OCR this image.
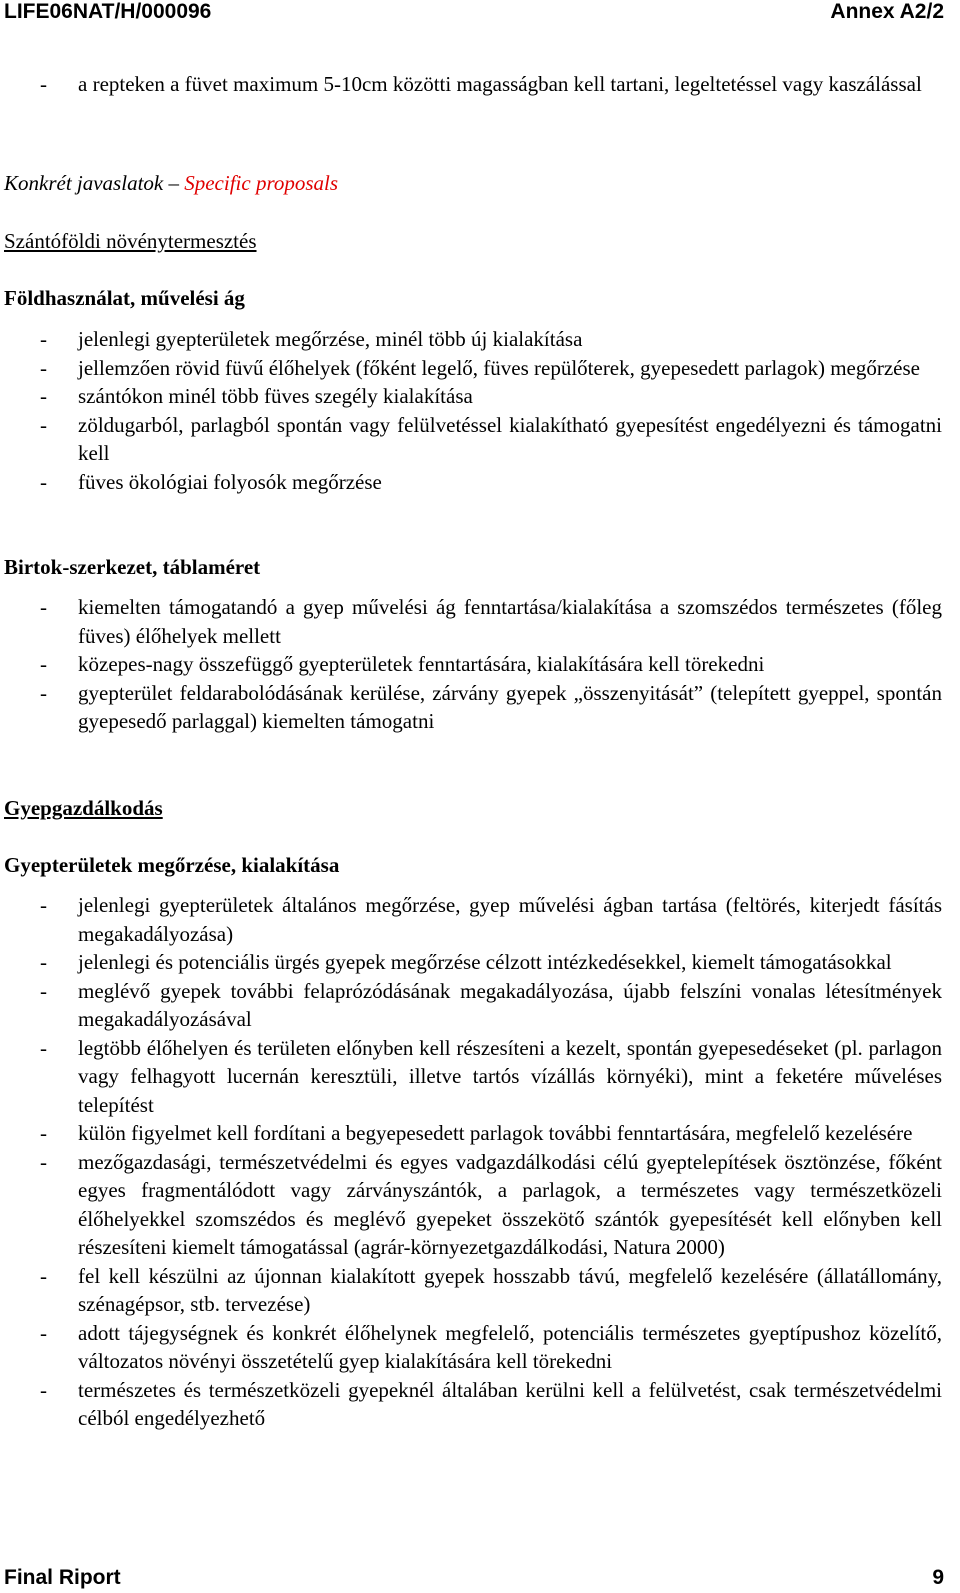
LIFE06NAT/H/000096	Annex A2/2
- a repteken a füvet maximum 5-10cm közötti magasságban kell tartani, legeltetéssel vagy kaszálással
Konkrét javaslatok – Specific proposals
Szántóföldi növénytermesztés
Földhasználat, művelési ág
- jelenlegi gyepterületek megőrzése, minél több új kialakítása
- jellemzően rövid füvű élőhelyek (főként legelő, füves repülőterek, gyepesedett parlagok) megőrzése
- szántókon minél több füves szegély kialakítása
- zöldugarból, parlagból spontán vagy felülvetéssel kialakítható gyepesítést engedélyezni és támogatni kell
- füves ökológiai folyosók megőrzése
Birtok-szerkezet, táblaméret
- kiemelten támogatandó a gyep művelési ág fenntartása/kialakítása a szomszédos természetes (főleg füves) élőhelyek mellett
- közepes-nagy összefüggő gyepterületek fenntartására, kialakítására kell törekedni
- gyepterület feldarabolódásának kerülése, zárvány gyepek „összenyitását” (telepített gyeppel, spontán gyepesedő parlaggal) kiemelten támogatni
Gyepgazdálkodás
Gyepterületek megőrzése, kialakítása
- jelenlegi gyepterületek általános megőrzése, gyep művelési ágban tartása (feltörés, kiterjedt fásítás megakadályozása)
- jelenlegi és potenciális ürgés gyepek megőrzése célzott intézkedésekkel, kiemelt támogatásokkal
- meglévő gyepek további felaprózódásának megakadályozása, újabb felszíni vonalas létesítmények megakadályozásával
- legtöbb élőhelyen és területen előnyben kell részesíteni a kezelt, spontán gyepesedéseket (pl. parlagon vagy felhagyott lucernán keresztüli, illetve tartós vízállás környéki), mint a feketére műveléses telepítést
- külön figyelmet kell fordítani a begyepesedett parlagok további fenntartására, megfelelő kezelésére
- mezőgazdasági, természetvédelmi és egyes vadgazdálkodási célú gyeptelepítések ösztönzése, főként egyes fragmentálódott vagy zárványszántók, a parlagok, a természetes vagy természetközeli élőhelyekkel szomszédos és meglévő gyepeket összekötő szántók gyepesítését kell előnyben kell részesíteni kiemelt támogatással (agrár-környezetgazdálkodási, Natura 2000)
- fel kell készülni az újonnan kialakított gyepek hosszabb távú, megfelelő kezelésére (állatállomány, szénagépsor, stb. tervezése)
- adott tájegységnek és konkrét élőhelynek megfelelő, potenciális természetes gyeptípushoz közelítő, változatos növényi összetételű gyep kialakítására kell törekedni
- természetes és természetközeli gyepeknél általában kerülni kell a felülvetést, csak természetvédelmi célból engedélyezhető
Final Riport	9
